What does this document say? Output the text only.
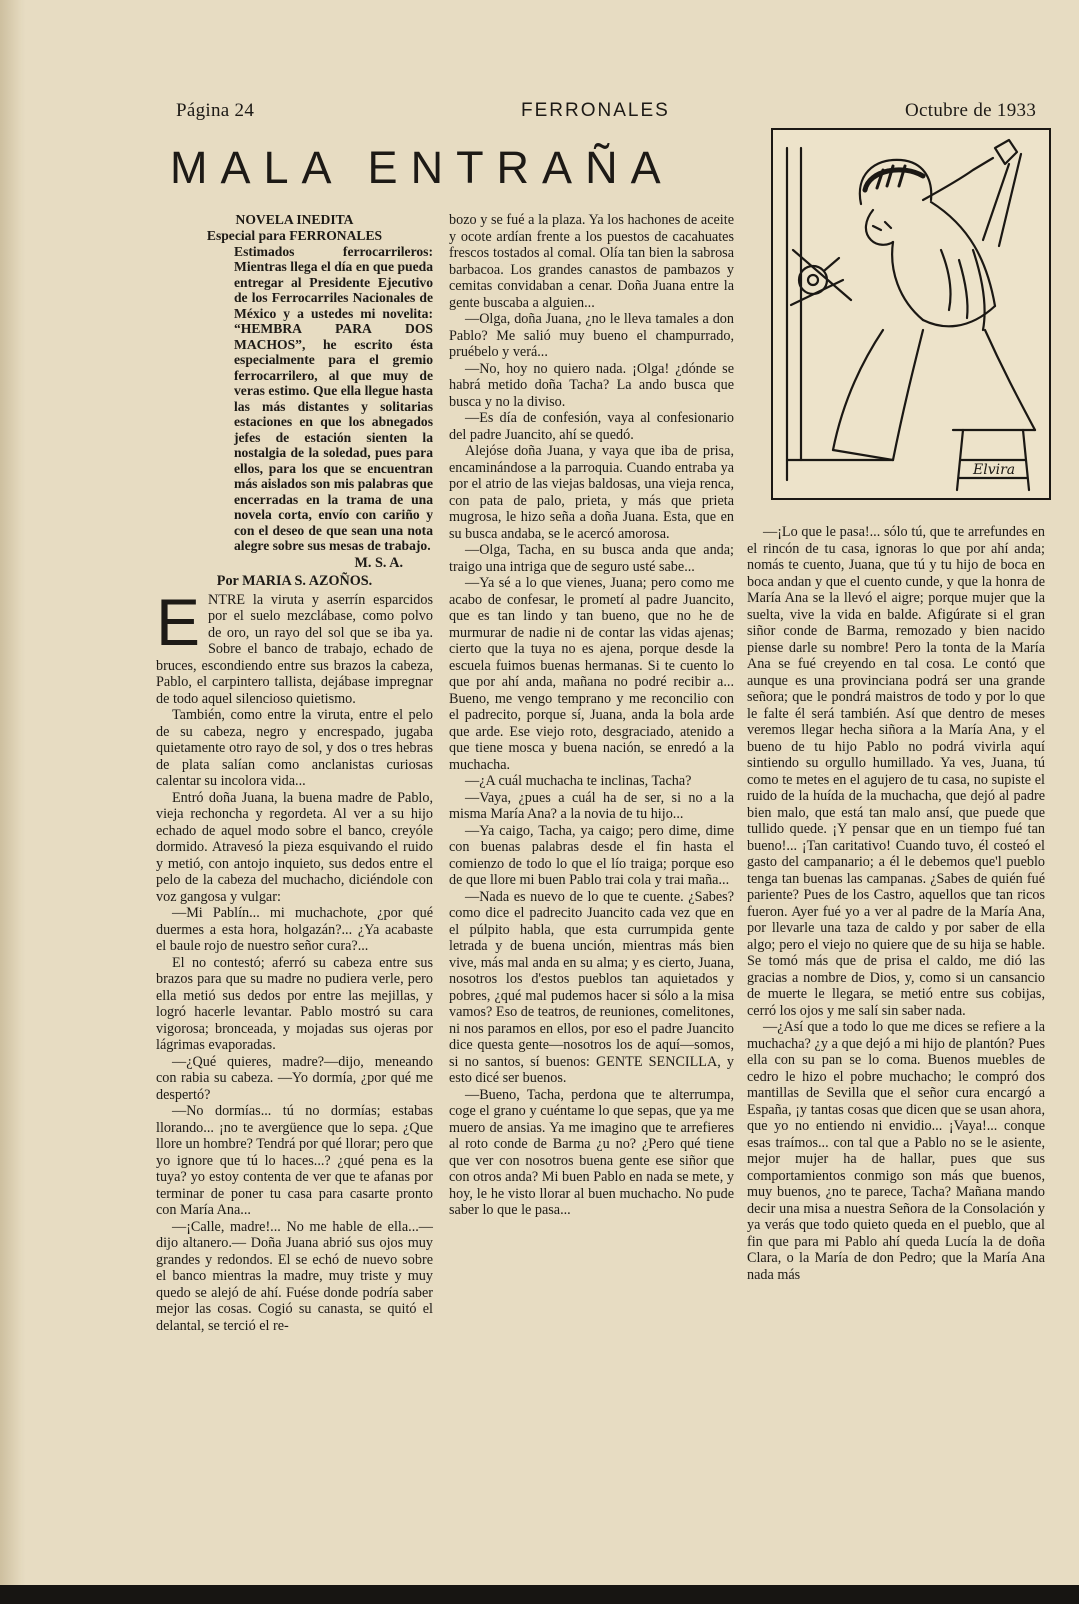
Página 24	FERRONALES	Octubre de 1933
MALA ENTRAÑA
NOVELA INEDITA
Especial para FERRONALES
Estimados ferrocarrileros: Mientras llega el día en que pueda entregar al Presidente Ejecutivo de los Ferrocarriles Nacionales de México y a ustedes mi novelita: “HEMBRA PARA DOS MACHOS”, he escrito ésta especialmente para el gremio ferrocarrilero, al que muy de veras estimo. Que ella llegue hasta las más distantes y solitarias estaciones en que los abnegados jefes de estación sienten la nostalgia de la soledad, pues para ellos, para los que se encuentran más aislados son mis palabras que encerradas en la trama de una novela corta, envío con cariño y con el deseo de que sean una nota alegre sobre sus mesas de trabajo.
M. S. A.
Por MARIA S. AZOÑOS.

ENTRE la viruta y aserrín esparcidos por el suelo mezclábase, como polvo de oro, un rayo del sol que se iba ya. Sobre el banco de trabajo, echado de bruces, escondiendo entre sus brazos la cabeza, Pablo, el carpintero tallista, dejábase impregnar de todo aquel silencioso quietismo.

También, como entre la viruta, entre el pelo de su cabeza, negro y encrespado, jugaba quietamente otro rayo de sol, y dos o tres hebras de plata salían como anclanistas curiosas calentar su incolora vida...

Entró doña Juana, la buena madre de Pablo, vieja rechoncha y regordeta. Al ver a su hijo echado de aquel modo sobre el banco, creyóle dormido. Atravesó la pieza esquivando el ruido y metió, con antojo inquieto, sus dedos entre el pelo de la cabeza del muchacho, diciéndole con voz gangosa y vulgar:

—Mi Pablín... mi muchachote, ¿por qué duermes a esta hora, holgazán?... ¿Ya acabaste el baule rojo de nuestro señor cura?...

El no contestó; aferró su cabeza entre sus brazos para que su madre no pudiera verle, pero ella metió sus dedos por entre las mejillas, y logró hacerle levantar. Pablo mostró su cara vigorosa; bronceada, y mojadas sus ojeras por lágrimas evaporadas.

—¿Qué quieres, madre?—dijo, meneando con rabia su cabeza. —Yo dormía, ¿por qué me despertó?

—No dormías... tú no dormías; estabas llorando... ¡no te avergüence que lo sepa. ¿Que llore un hombre? Tendrá por qué llorar; pero que yo ignore que tú lo haces...? ¿qué pena es la tuya? yo estoy contenta de ver que te afanas por terminar de poner tu casa para casarte pronto con María Ana...

—¡Calle, madre!... No me hable de ella...—dijo altanero.— Doña Juana abrió sus ojos muy grandes y redondos. El se echó de nuevo sobre el banco mientras la madre, muy triste y muy quedo se alejó de ahí. Fuése donde podría saber mejor las cosas. Cogió su canasta, se quitó el delantal, se terció el re-

bozo y se fué a la plaza. Ya los hachones de aceite y ocote ardían frente a los puestos de cacahuates frescos tostados al comal. Olía tan bien la sabrosa barbacoa. Los grandes canastos de pambazos y cemitas convidaban a cenar. Doña Juana entre la gente buscaba a alguien...

—Olga, doña Juana, ¿no le lleva tamales a don Pablo? Me salió muy bueno el champurrado, pruébelo y verá...

—No, hoy no quiero nada. ¡Olga! ¿dónde se habrá metido doña Tacha? La ando busca que busca y no la diviso.

—Es día de confesión, vaya al confesionario del padre Juancito, ahí se quedó.

Alejóse doña Juana, y vaya que iba de prisa, encaminándose a la parroquia. Cuando entraba ya por el atrio de las viejas baldosas, una vieja renca, con pata de palo, prieta, y más que prieta mugrosa, le hizo seña a doña Juana. Esta, que en su busca andaba, se le acercó amorosa.

—Olga, Tacha, en su busca anda que anda; traigo una intriga que de seguro usté sabe...

—Ya sé a lo que vienes, Juana; pero como me acabo de confesar, le prometí al padre Juancito, que es tan lindo y tan bueno, que no he de murmurar de nadie ni de contar las vidas ajenas; cierto que la tuya no es ajena, porque desde la escuela fuimos buenas hermanas. Si te cuento lo que por ahí anda, mañana no podré recibir a... Bueno, me vengo temprano y me reconcilio con el padrecito, porque sí, Juana, anda la bola arde que arde. Ese viejo roto, desgraciado, atenido a que tiene mosca y buena nación, se enredó a la muchacha.

—¿A cuál muchacha te inclinas, Tacha?

—Vaya, ¿pues a cuál ha de ser, si no a la misma María Ana? a la novia de tu hijo...

—Ya caigo, Tacha, ya caigo; pero dime, dime con buenas palabras desde el fin hasta el comienzo de todo lo que el lío traiga; porque eso de que llore mi buen Pablo trai cola y trai maña...

—Nada es nuevo de lo que te cuente. ¿Sabes? como dice el padrecito Juancito cada vez que en el púlpito habla, que esta currumpida gente letrada y de buena unción, mientras más bien vive, más mal anda en su alma; y es cierto, Juana, nosotros los d'estos pueblos tan aquietados y pobres, ¿qué mal pudemos hacer si sólo a la misa vamos? Eso de teatros, de reuniones, comelitones, ni nos paramos en ellos, por eso el padre Juancito dice questa gente—nosotros los de aquí—somos, si no santos, sí buenos: GENTE SENCILLA, y esto dicé ser buenos.

—Bueno, Tacha, perdona que te alterrumpa, coge el grano y cuéntame lo que sepas, que ya me muero de ansias. Ya me imagino que te arrefieres al roto conde de Barma ¿u no? ¿Pero qué tiene que ver con nosotros buena gente ese siñor que con otros anda? Mi buen Pablo en nada se mete, y hoy, le he visto llorar al buen muchacho. No pude saber lo que le pasa...

Elvira

—¡Lo que le pasa!... sólo tú, que te arrefundes en el rincón de tu casa, ignoras lo que por ahí anda; nomás te cuento, Juana, que tú y tu hijo de boca en boca andan y que el cuento cunde, y que la honra de María Ana se la llevó el aigre; porque mujer que la suelta, vive la vida en balde. Afigúrate si el gran siñor conde de Barma, remozado y bien nacido piense darle su nombre! Pero la tonta de la María Ana se fué creyendo en tal cosa. Le contó que aunque es una provinciana podrá ser una grande señora; que le pondrá maistros de todo y por lo que le falte él será también. Así que dentro de meses veremos llegar hecha siñora a la María Ana, y el bueno de tu hijo Pablo no podrá vivirla aquí sintiendo su orgullo humillado. Ya ves, Juana, tú como te metes en el agujero de tu casa, no supiste el ruido de la huída de la muchacha, que dejó al padre bien malo, que está tan malo ansí, que puede que tullido quede. ¡Y pensar que en un tiempo fué tan bueno!... ¡Tan caritativo! Cuando tuvo, él costeó el gasto del campanario; a él le debemos que'l pueblo tenga tan buenas las campanas. ¿Sabes de quién fué pariente? Pues de los Castro, aquellos que tan ricos fueron. Ayer fué yo a ver al padre de la María Ana, por llevarle una taza de caldo y por saber de ella algo; pero el viejo no quiere que de su hija se hable. Se tomó más que de prisa el caldo, me dió las gracias a nombre de Dios, y, como si un cansancio de muerte le llegara, se metió entre sus cobijas, cerró los ojos y me salí sin saber nada.

—¿Así que a todo lo que me dices se refiere a la muchacha? ¿y a que dejó a mi hijo de plantón? Pues ella con su pan se lo coma. Buenos muebles de cedro le hizo el pobre muchacho; le compró dos mantillas de Sevilla que el señor cura encargó a España, ¡y tantas cosas que dicen que se usan ahora, que yo no entiendo ni envidio... ¡Vaya!... conque esas traímos... con tal que a Pablo no se le asiente, mejor mujer ha de hallar, pues que sus comportamientos conmigo son más que buenos, muy buenos, ¿no te parece, Tacha? Mañana mando decir una misa a nuestra Señora de la Consolación y ya verás que todo quieto queda en el pueblo, que al fin que para mi Pablo ahí queda Lucía la de doña Clara, o la María de don Pedro; que la María Ana nada más
